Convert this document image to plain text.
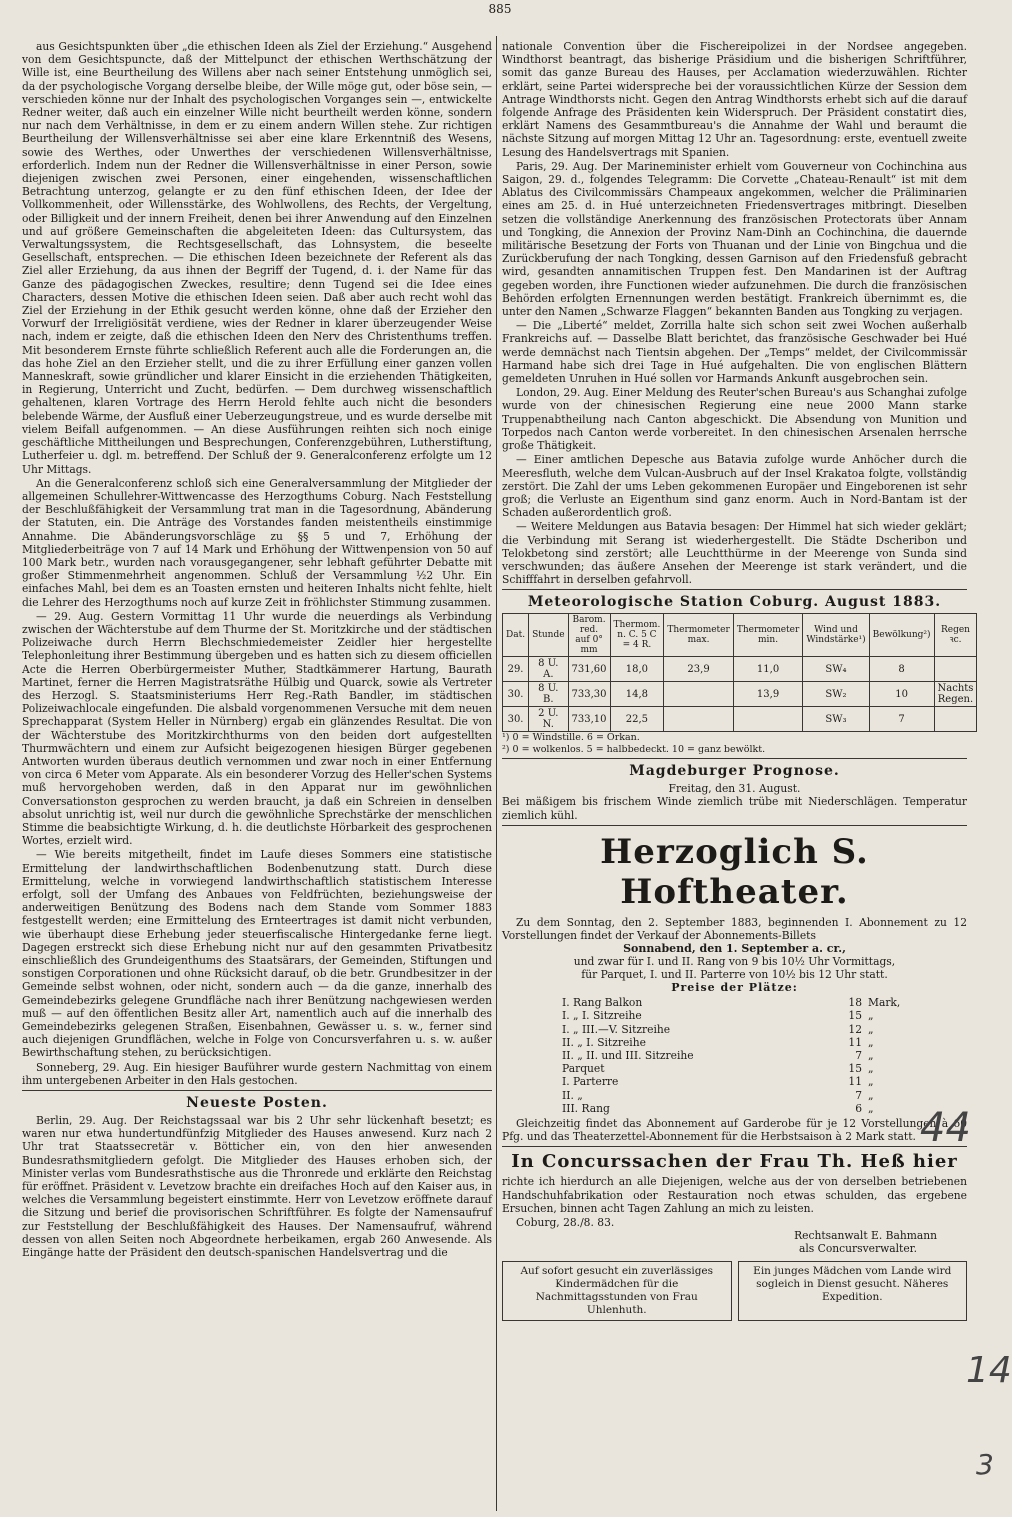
885

aus Gesichtspunkten über „die ethischen Ideen als Ziel der Erziehung.“ Ausgehend von dem Gesichtspuncte, daß der Mittelpunct der ethischen Werthschätzung der Wille ist, eine Beurtheilung des Willens aber nach seiner Entstehung unmöglich sei, da der psychologische Vorgang derselbe bleibe, der Wille möge gut, oder böse sein, — verschieden könne nur der Inhalt des psychologischen Vorganges sein —, entwickelte Redner weiter, daß auch ein einzelner Wille nicht beurtheilt werden könne, sondern nur nach dem Verhältnisse, in dem er zu einem andern Willen stehe. Zur richtigen Beurtheilung der Willensverhältnisse sei aber eine klare Erkenntniß des Wesens, sowie des Werthes, oder Unwerthes der verschiedenen Willensverhältnisse, erforderlich. Indem nun der Redner die Willensverhältnisse in einer Person, sowie diejenigen zwischen zwei Personen, einer eingehenden, wissenschaftlichen Betrachtung unterzog, gelangte er zu den fünf ethischen Ideen, der Idee der Vollkommenheit, oder Willensstärke, des Wohlwollens, des Rechts, der Vergeltung, oder Billigkeit und der innern Freiheit, denen bei ihrer Anwendung auf den Einzelnen und auf größere Gemeinschaften die abgeleiteten Ideen: das Cultursystem, das Verwaltungssystem, die Rechtsgesellschaft, das Lohnsystem, die beseelte Gesellschaft, entsprechen. — Die ethischen Ideen bezeichnete der Referent als das Ziel aller Erziehung, da aus ihnen der Begriff der Tugend, d. i. der Name für das Ganze des pädagogischen Zweckes, resultire; denn Tugend sei die Idee eines Characters, dessen Motive die ethischen Ideen seien. Daß aber auch recht wohl das Ziel der Erziehung in der Ethik gesucht werden könne, ohne daß der Erzieher den Vorwurf der Irreligiösität verdiene, wies der Redner in klarer überzeugender Weise nach, indem er zeigte, daß die ethischen Ideen den Nerv des Christenthums treffen. Mit besonderem Ernste führte schließlich Referent auch alle die Forderungen an, die das hohe Ziel an den Erzieher stellt, und die zu ihrer Erfüllung einer ganzen vollen Manneskraft, sowie gründlicher und klarer Einsicht in die erziehenden Thätigkeiten, in Regierung, Unterricht und Zucht, bedürfen. — Dem durchweg wissenschaftlich gehaltenen, klaren Vortrage des Herrn Herold fehlte auch nicht die besonders belebende Wärme, der Ausfluß einer Ueberzeugungstreue, und es wurde derselbe mit vielem Beifall aufgenommen. — An diese Ausführungen reihten sich noch einige geschäftliche Mittheilungen und Besprechungen, Conferenzgebühren, Lutherstiftung, Lutherfeier u. dgl. m. betreffend. Der Schluß der 9. Generalconferenz erfolgte um 12 Uhr Mittags.

An die Generalconferenz schloß sich eine Generalversammlung der Mitglieder der allgemeinen Schullehrer-Wittwencasse des Herzogthums Coburg. Nach Feststellung der Beschlußfähigkeit der Versammlung trat man in die Tagesordnung, Abänderung der Statuten, ein. Die Anträge des Vorstandes fanden meistentheils einstimmige Annahme. Die Abänderungsvorschläge zu §§ 5 und 7, Erhöhung der Mitgliederbeiträge von 7 auf 14 Mark und Erhöhung der Wittwenpension von 50 auf 100 Mark betr., wurden nach vorausgegangener, sehr lebhaft geführter Debatte mit großer Stimmenmehrheit angenommen. Schluß der Versammlung ½2 Uhr. Ein einfaches Mahl, bei dem es an Toasten ernsten und heiteren Inhalts nicht fehlte, hielt die Lehrer des Herzogthums noch auf kurze Zeit in fröhlichster Stimmung zusammen.

— 29. Aug. Gestern Vormittag 11 Uhr wurde die neuerdings als Verbindung zwischen der Wächterstube auf dem Thurme der St. Moritzkirche und der städtischen Polizeiwache durch Herrn Blechschmiedemeister Zeidler hier hergestellte Telephonleitung ihrer Bestimmung übergeben und es hatten sich zu diesem officiellen Acte die Herren Oberbürgermeister Muther, Stadtkämmerer Hartung, Baurath Martinet, ferner die Herren Magistratsräthe Hülbig und Quarck, sowie als Vertreter des Herzogl. S. Staatsministeriums Herr Reg.-Rath Bandler, im städtischen Polizeiwachlocale eingefunden. Die alsbald vorgenommenen Versuche mit dem neuen Sprechapparat (System Heller in Nürnberg) ergab ein glänzendes Resultat. Die von der Wächterstube des Moritzkirchthurms von den beiden dort aufgestellten Thurmwächtern und einem zur Aufsicht beigezogenen hiesigen Bürger gegebenen Antworten wurden überaus deutlich vernommen und zwar noch in einer Entfernung von circa 6 Meter vom Apparate. Als ein besonderer Vorzug des Heller'schen Systems muß hervorgehoben werden, daß in den Apparat nur im gewöhnlichen Conversationston gesprochen zu werden braucht, ja daß ein Schreien in denselben absolut unrichtig ist, weil nur durch die gewöhnliche Sprechstärke der menschlichen Stimme die beabsichtigte Wirkung, d. h. die deutlichste Hörbarkeit des gesprochenen Wortes, erzielt wird.

— Wie bereits mitgetheilt, findet im Laufe dieses Sommers eine statistische Ermittelung der landwirthschaftlichen Bodenbenutzung statt. Durch diese Ermittelung, welche in vorwiegend landwirthschaftlich statistischem Interesse erfolgt, soll der Umfang des Anbaues von Feldfrüchten, beziehungsweise der anderweitigen Benützung des Bodens nach dem Stande vom Sommer 1883 festgestellt werden; eine Ermittelung des Ernteertrages ist damit nicht verbunden, wie überhaupt diese Erhebung jeder steuerfiscalische Hintergedanke ferne liegt. Dagegen erstreckt sich diese Erhebung nicht nur auf den gesammten Privatbesitz einschließlich des Grundeigenthums des Staatsärars, der Gemeinden, Stiftungen und sonstigen Corporationen und ohne Rücksicht darauf, ob die betr. Grundbesitzer in der Gemeinde selbst wohnen, oder nicht, sondern auch — da die ganze, innerhalb des Gemeindebezirks gelegene Grundfläche nach ihrer Benützung nachgewiesen werden muß — auf den öffentlichen Besitz aller Art, namentlich auch auf die innerhalb des Gemeindebezirks gelegenen Straßen, Eisenbahnen, Gewässer u. s. w., ferner sind auch diejenigen Grundflächen, welche in Folge von Concursverfahren u. s. w. außer Bewirthschaftung stehen, zu berücksichtigen.

Sonneberg, 29. Aug. Ein hiesiger Bauführer wurde gestern Nachmittag von einem ihm untergebenen Arbeiter in den Hals gestochen.

Neueste Posten.

Berlin, 29. Aug. Der Reichstagssaal war bis 2 Uhr sehr lückenhaft besetzt; es waren nur etwa hundertundfünfzig Mitglieder des Hauses anwesend. Kurz nach 2 Uhr trat Staatssecretär v. Bötticher ein, von den hier anwesenden Bundesrathsmitgliedern gefolgt. Die Mitglieder des Hauses erhoben sich, der Minister verlas vom Bundesrathstische aus die Thronrede und erklärte den Reichstag für eröffnet. Präsident v. Levetzow brachte ein dreifaches Hoch auf den Kaiser aus, in welches die Versammlung begeistert einstimmte. Herr von Levetzow eröffnete darauf die Sitzung und berief die provisorischen Schriftführer. Es folgte der Namensaufruf zur Feststellung der Beschlußfähigkeit des Hauses. Der Namensaufruf, während dessen von allen Seiten noch Abgeordnete herbeikamen, ergab 260 Anwesende. Als Eingänge hatte der Präsident den deutsch-spanischen Handelsvertrag und die

nationale Convention über die Fischereipolizei in der Nordsee angegeben. Windthorst beantragt, das bisherige Präsidium und die bisherigen Schriftführer, somit das ganze Bureau des Hauses, per Acclamation wiederzuwählen. Richter erklärt, seine Partei widerspreche bei der voraussichtlichen Kürze der Session dem Antrage Windthorsts nicht. Gegen den Antrag Windthorsts erhebt sich auf die darauf folgende Anfrage des Präsidenten kein Widerspruch. Der Präsident constatirt dies, erklärt Namens des Gesammtbureau's die Annahme der Wahl und beraumt die nächste Sitzung auf morgen Mittag 12 Uhr an. Tagesordnung: erste, eventuell zweite Lesung des Handelsvertrags mit Spanien.

Paris, 29. Aug. Der Marineminister erhielt vom Gouverneur von Cochinchina aus Saigon, 29. d., folgendes Telegramm: Die Corvette „Chateau-Renault“ ist mit dem Ablatus des Civilcommissärs Champeaux angekommen, welcher die Präliminarien eines am 25. d. in Hué unterzeichneten Friedensvertrages mitbringt. Dieselben setzen die vollständige Anerkennung des französischen Protectorats über Annam und Tongking, die Annexion der Provinz Nam-Dinh an Cochinchina, die dauernde militärische Besetzung der Forts von Thuanan und der Linie von Bingchua und die Zurückberufung der nach Tongking, dessen Garnison auf den Friedensfuß gebracht wird, gesandten annamitischen Truppen fest. Den Mandarinen ist der Auftrag gegeben worden, ihre Functionen wieder aufzunehmen. Die durch die französischen Behörden erfolgten Ernennungen werden bestätigt. Frankreich übernimmt es, die unter den Namen „Schwarze Flaggen“ bekannten Banden aus Tongking zu verjagen.

— Die „Liberté“ meldet, Zorrilla halte sich schon seit zwei Wochen außerhalb Frankreichs auf. — Dasselbe Blatt berichtet, das französische Geschwader bei Hué werde demnächst nach Tientsin abgehen. Der „Temps“ meldet, der Civilcommissär Harmand habe sich drei Tage in Hué aufgehalten. Die von englischen Blättern gemeldeten Unruhen in Hué sollen vor Harmands Ankunft ausgebrochen sein.

London, 29. Aug. Einer Meldung des Reuter'schen Bureau's aus Schanghai zufolge wurde von der chinesischen Regierung eine neue 2000 Mann starke Truppenabtheilung nach Canton abgeschickt. Die Absendung von Munition und Torpedos nach Canton werde vorbereitet. In den chinesischen Arsenalen herrsche große Thätigkeit.

— Einer amtlichen Depesche aus Batavia zufolge wurde Anhöcher durch die Meeresfluth, welche dem Vulcan-Ausbruch auf der Insel Krakatoa folgte, vollständig zerstört. Die Zahl der ums Leben gekommenen Europäer und Eingeborenen ist sehr groß; die Verluste an Eigenthum sind ganz enorm. Auch in Nord-Bantam ist der Schaden außerordentlich groß.

— Weitere Meldungen aus Batavia besagen: Der Himmel hat sich wieder geklärt; die Verbindung mit Serang ist wiederhergestellt. Die Städte Dscheribon und Telokbetong sind zerstört; alle Leuchtthürme in der Meerenge von Sunda sind verschwunden; das äußere Ansehen der Meerenge ist stark verändert, und die Schifffahrt in derselben gefahrvoll.

Meteorologische Station Coburg. August 1883.
Dat.	Stunde	Barom. red. auf 0° mm	Thermom. n. C. 5 C = 4 R.	Thermometer max.	Thermometer min.	Wind und Windstärke¹)	Bewölkung²)	Regen ꝛc.
29.	8 U. A.	731,60	18,0	23,9	11,0	SW₄	8	
30.	8 U. B.	733,30	14,8		13,9	SW₂	10	Nachts Regen.
30.	2 U. N.	733,10	22,5			SW₃	7	
¹) 0 = Windstille. 6 = Orkan.
²) 0 = wolkenlos. 5 = halbbedeckt. 10 = ganz bewölkt.
Magdeburger Prognose.
Freitag, den 31. August.

Bei mäßigem bis frischem Winde ziemlich trübe mit Niederschlägen. Temperatur ziemlich kühl.

Herzoglich S. Hoftheater.

Zu dem Sonntag, den 2. September 1883, beginnenden I. Abonnement zu 12 Vorstellungen findet der Verkauf der Abonnements-Billets

Sonnabend, den 1. September a. cr.,
und zwar für I. und II. Rang von 9 bis 10½ Uhr Vormittags,
für Parquet, I. und II. Parterre von 10½ bis 12 Uhr statt.
Preise der Plätze:
I. Rang Balkon	18 Mark,
I. „ I. Sitzreihe	15 „
I. „ III.—V. Sitzreihe	12 „
II. „ I. Sitzreihe	11 „
II. „ II. und III. Sitzreihe	7 „
Parquet	15 „
I. Parterre	11 „
II. „	7 „
III. Rang	6 „

Gleichzeitig findet das Abonnement auf Garderobe für je 12 Vorstellungen à 60 Pfg. und das Theaterzettel-Abonnement für die Herbstsaison à 2 Mark statt.

In Concurssachen der Frau Th. Heß hier

richte ich hierdurch an alle Diejenigen, welche aus der von derselben betriebenen Handschuhfabrikation oder Restauration noch etwas schulden, das ergebene Ersuchen, binnen acht Tagen Zahlung an mich zu leisten.

Coburg, 28./8. 83.

Rechtsanwalt E. Bahmann
als Concursverwalter.
Auf sofort gesucht ein zuverlässiges Kindermädchen für die Nachmittagsstunden von Frau Uhlenhuth.
Ein junges Mädchen vom Lande wird sogleich in Dienst gesucht. Näheres Expedition.
44
14
3
